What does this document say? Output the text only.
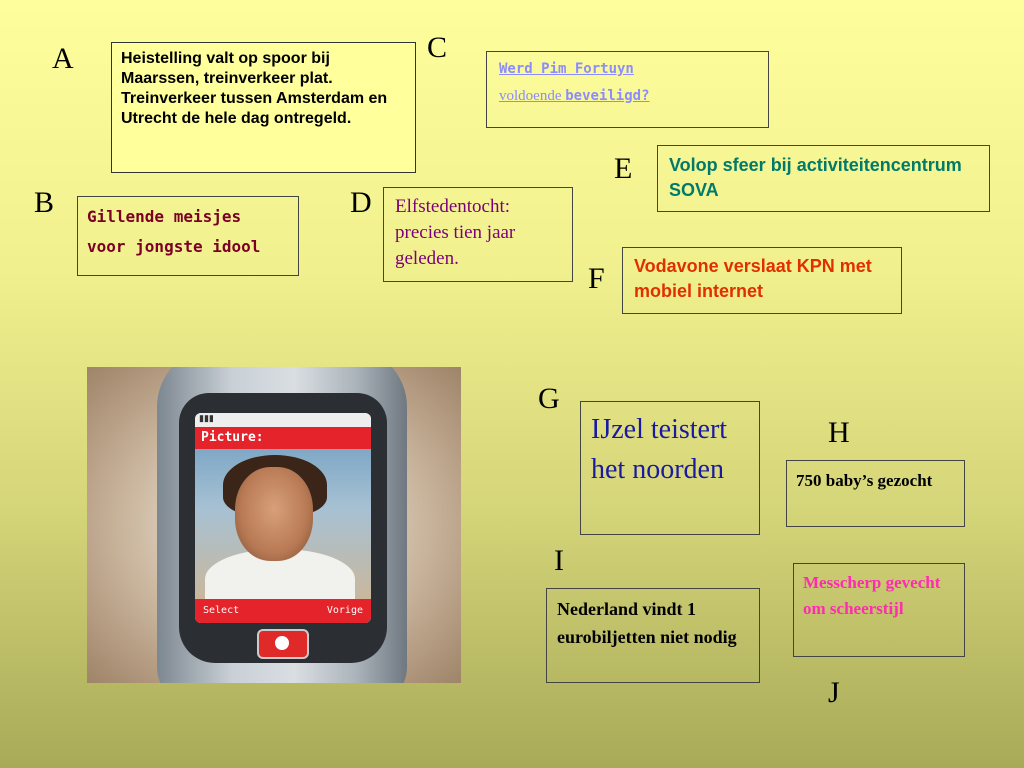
A	C
B	D
E
F
G
H
I
J
Heistelling valt op spoor bij Maarssen, treinverkeer plat. Treinverkeer tussen Amsterdam en Utrecht de hele dag ontregeld.
Werd Pim Fortuyn
voldoende beveiligd?
Gillende meisjes
voor jongste idool
Elfstedentocht: precies tien jaar geleden.
Volop sfeer bij activiteitencentrum SOVA
Vodavone verslaat KPN met mobiel internet
▮▮▮
Picture:
Select	Vorige
IJzel teistert het noorden	750 baby’s gezocht
Nederland vindt 1 eurobiljetten niet nodig
Messcherp gevecht om scheerstijl
